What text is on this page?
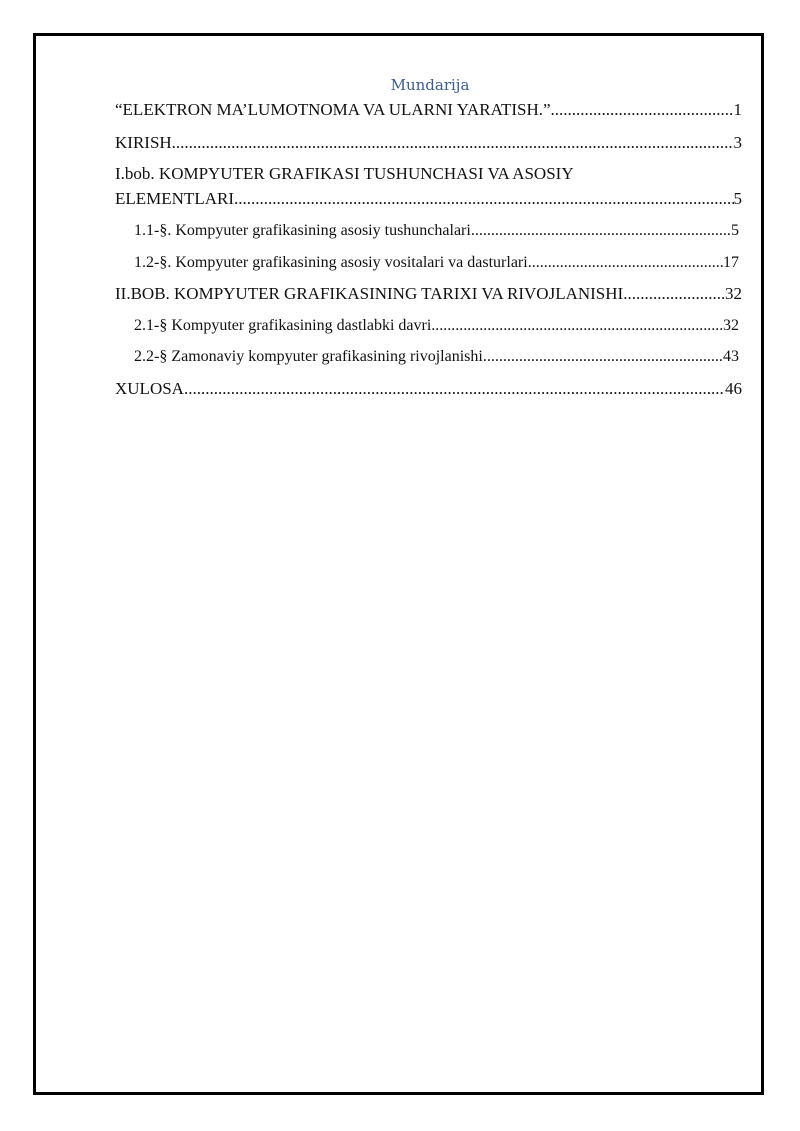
Mundarija
“ELEKTRON MA’LUMOTNOMA VA ULARNI YARATISH.” .....	1
KIRISH .....	3
I.bob. KOMPYUTER GRAFIKASI TUSHUNCHASI VA ASOSIY
ELEMENTLARI .....	5
1.1-§. Kompyuter grafikasining asosiy tushunchalari .....	5
1.2-§. Kompyuter grafikasining asosiy vositalari va dasturlari .....	17
II.BOB. KOMPYUTER GRAFIKASINING TARIXI VA RIVOJLANISHI .....	32
2.1-§ Kompyuter grafikasining dastlabki davri .....	32
2.2-§ Zamonaviy kompyuter grafikasining rivojlanishi .....	43
XULOSA .....	46
